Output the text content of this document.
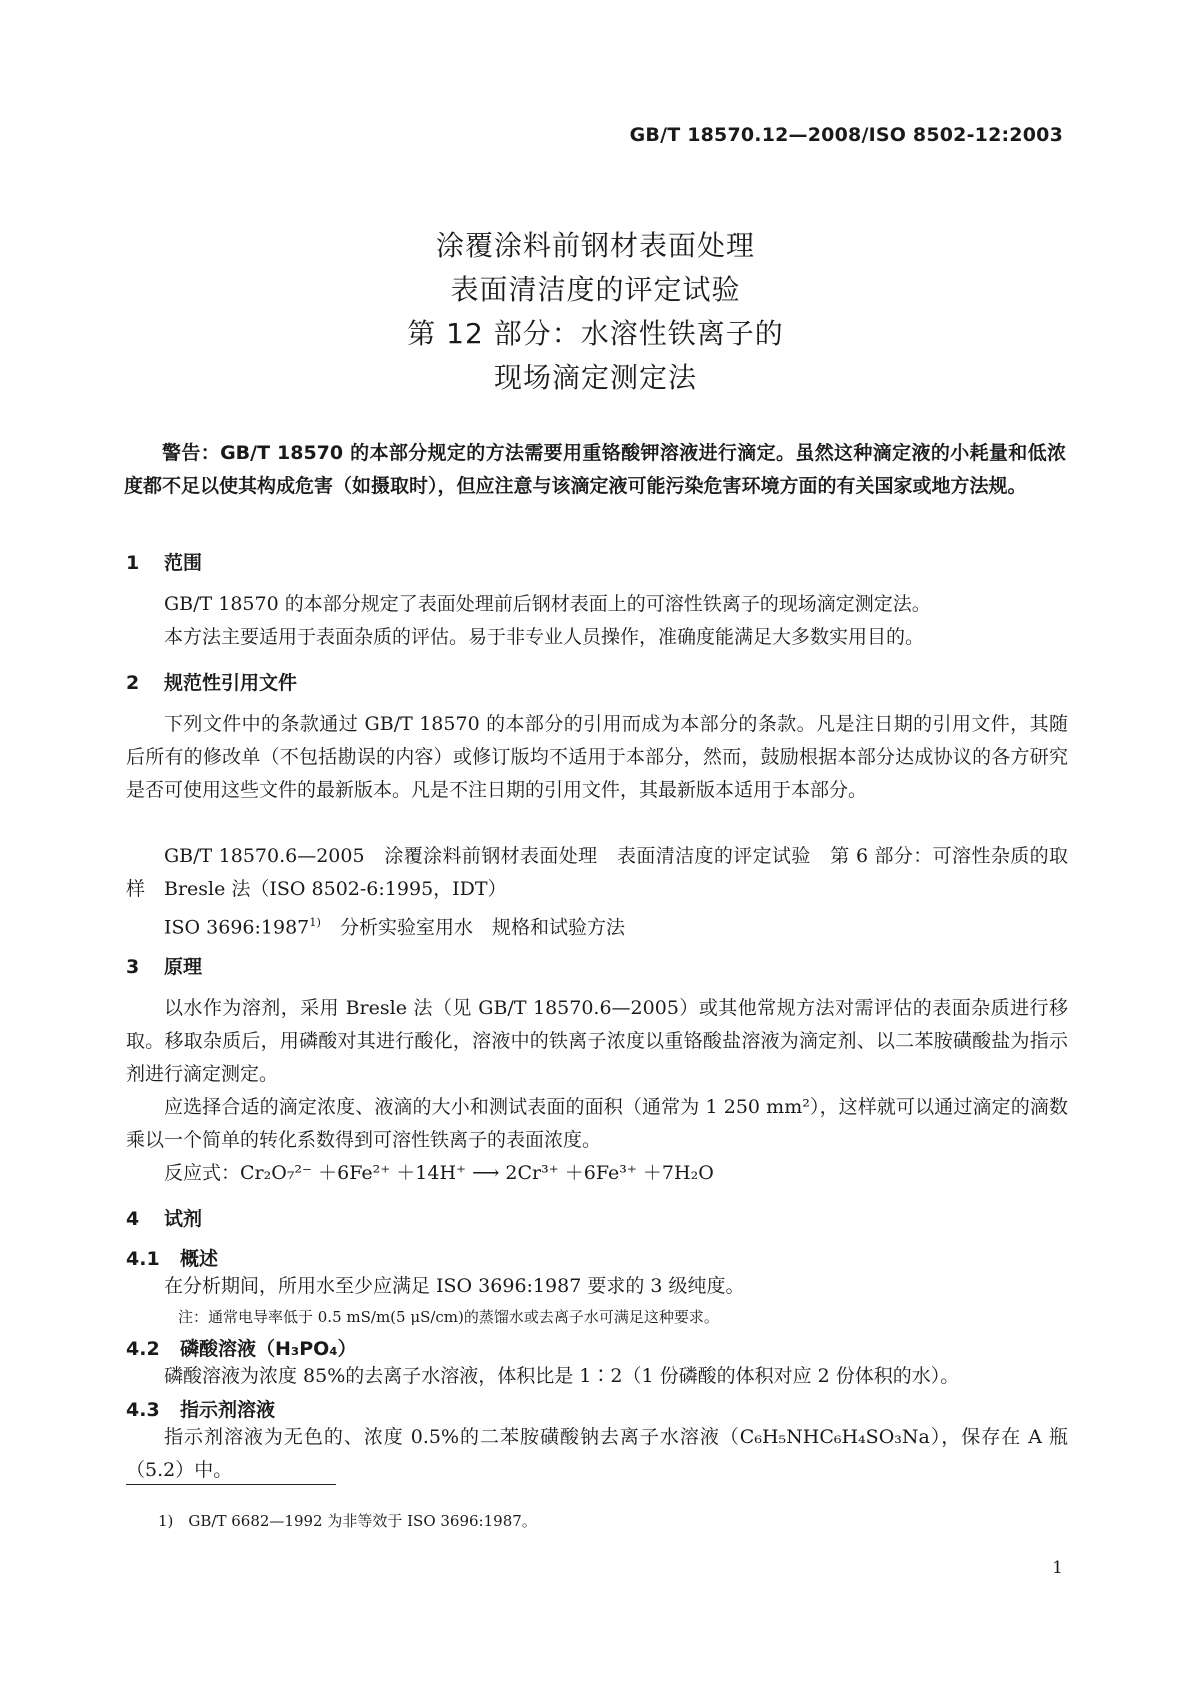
GB/T 18570.12—2008/ISO 8502-12:2003
涂覆涂料前钢材表面处理
表面清洁度的评定试验
第 12 部分：水溶性铁离子的
现场滴定测定法
警告：GB/T 18570 的本部分规定的方法需要用重铬酸钾溶液进行滴定。虽然这种滴定液的小耗量和低浓度都不足以使其构成危害（如摄取时），但应注意与该滴定液可能污染危害环境方面的有关国家或地方法规。
1 范围
GB/T 18570 的本部分规定了表面处理前后钢材表面上的可溶性铁离子的现场滴定测定法。
本方法主要适用于表面杂质的评估。易于非专业人员操作，准确度能满足大多数实用目的。
2 规范性引用文件
下列文件中的条款通过 GB/T 18570 的本部分的引用而成为本部分的条款。凡是注日期的引用文件，其随后所有的修改单（不包括勘误的内容）或修订版均不适用于本部分，然而，鼓励根据本部分达成协议的各方研究是否可使用这些文件的最新版本。凡是不注日期的引用文件，其最新版本适用于本部分。
GB/T 18570.6—2005　涂覆涂料前钢材表面处理　表面清洁度的评定试验　第 6 部分：可溶性杂质的取样　Bresle 法（ISO 8502-6:1995，IDT）
ISO 3696:1987$^{1)}$　分析实验室用水　规格和试验方法
3 原理
以水作为溶剂，采用 Bresle 法（见 GB/T 18570.6—2005）或其他常规方法对需评估的表面杂质进行移取。移取杂质后，用磷酸对其进行酸化，溶液中的铁离子浓度以重铬酸盐溶液为滴定剂、以二苯胺磺酸盐为指示剂进行滴定测定。
应选择合适的滴定浓度、液滴的大小和测试表面的面积（通常为 1 250 mm²），这样就可以通过滴定的滴数乘以一个简单的转化系数得到可溶性铁离子的表面浓度。
反应式：Cr₂O₇²⁻ ＋6Fe²⁺ ＋14H⁺ ⟶ 2Cr³⁺ ＋6Fe³⁺ ＋7H₂O
4 试剂
4.1 概述
在分析期间，所用水至少应满足 ISO 3696:1987 要求的 3 级纯度。
注：通常电导率低于 0.5 mS/m(5 μS/cm)的蒸馏水或去离子水可满足这种要求。
4.2 磷酸溶液（H₃PO₄）
磷酸溶液为浓度 85%的去离子水溶液，体积比是 1∶2（1 份磷酸的体积对应 2 份体积的水）。
4.3 指示剂溶液
指示剂溶液为无色的、浓度 0.5%的二苯胺磺酸钠去离子水溶液（C₆H₅NHC₆H₄SO₃Na），保存在 A 瓶（5.2）中。
1)　GB/T 6682—1992 为非等效于 ISO 3696:1987。
1
